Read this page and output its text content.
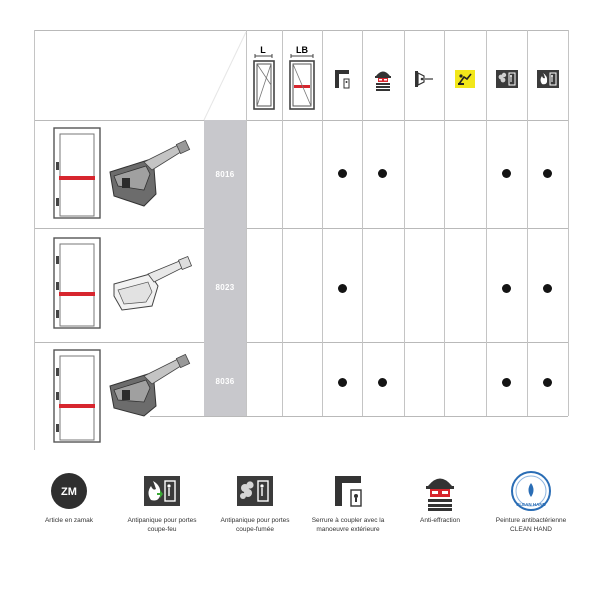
L	LB
8016
8023
8036
ZM
Article en zamak	Antipanique pour portes
coupe-feu
Antipanique pour portes
coupe-fumée
Serrure à coupler avec la
manoeuvre extérieure
Anti-effraction
CLEAN HAND
Peinture antibactérienne
CLEAN HAND
